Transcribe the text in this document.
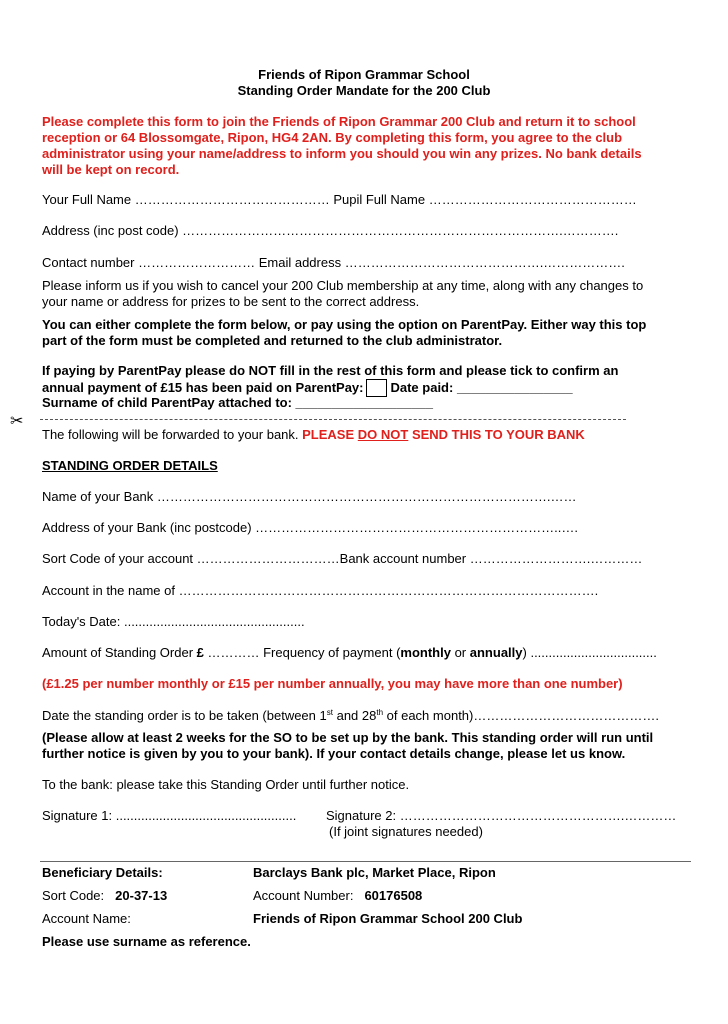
Friends of Ripon Grammar School
Standing Order Mandate for the 200 Club
Please complete this form to join the Friends of Ripon Grammar 200 Club and return it to school
reception or 64 Blossomgate, Ripon, HG4 2AN. By completing this form, you agree to the club
administrator using your name/address to inform you should you win any prizes. No bank details
will be kept on record.
Your Full Name ……………………………………… Pupil Full Name …………………………………………
Address (inc post code) …………………………………………………………………………….………….
Contact number ……………………… Email address ……………………………………….……………….
Please inform us if you wish to cancel your 200 Club membership at any time, along with any changes to
your name or address for prizes to be sent to the correct address.
You can either complete the form below, or pay using the option on ParentPay. Either way this top
part of the form must be completed and returned to the club administrator.
If paying by ParentPay please do NOT fill in the rest of this form and please tick to confirm an
annual payment of £15 has been paid on ParentPay: Date paid: ________________
Surname of child ParentPay attached to: ___________________
✂
The following will be forwarded to your bank. PLEASE DO NOT SEND THIS TO YOUR BANK
STANDING ORDER DETAILS
Name of your Bank ……………………………………………………………………………….……
Address of your Bank (inc postcode) ……………………………………………………………..….
Sort Code of your account ……………………………Bank account number ……………………….…………
Account in the name of …………………………………………………………………………………….
Today's Date: ..................................................
Amount of Standing Order £ ………… Frequency of payment (monthly or annually) ...................................
(£1.25 per number monthly or £15 per number annually, you may have more than one number)
Date the standing order is to be taken (between 1st and 28th of each month)…………………………………….
(Please allow at least 2 weeks for the SO to be set up by the bank. This standing order will run until
further notice is given by you to your bank). If your contact details change, please let us know.
To the bank: please take this Standing Order until further notice.
Signature 1: .................................................. Signature 2: …………………………………………….…………
(If joint signatures needed)
Beneficiary Details:	Barclays Bank plc, Market Place, Ripon
Sort Code: 20-37-13	Account Number: 60176508
Account Name:	Friends of Ripon Grammar School 200 Club
Please use surname as reference.
